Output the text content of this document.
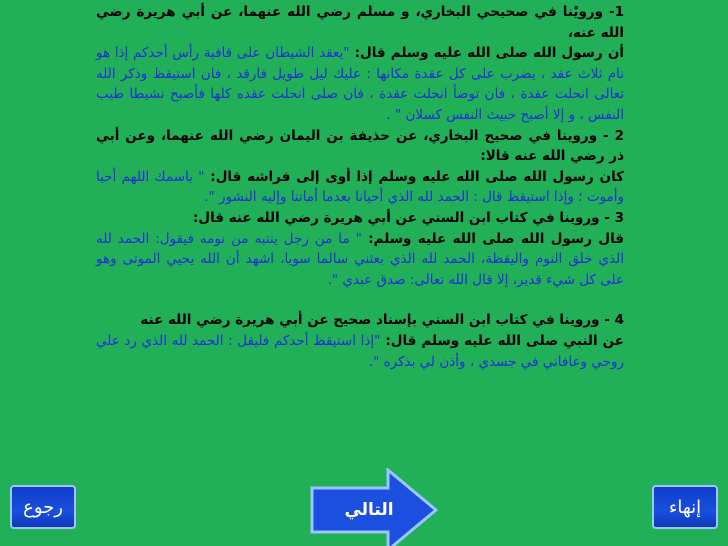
1- ورويْنا في صحيحي البخاري، و مسلم رضي الله عنهما، عن أبي هريرة رضي الله عنه،
أن رسول الله صلى الله عليه وسلم قال: "يعقد الشيطان على قافية رأس أحدكم إذا هو نام ثلاث عقد ، يضرب على كل عقدة مكانها : عليك ليل طويل فارقد ، فان استيقظ وذكر الله تعالى انحلت عقدة ، فان توضأ انحلت عقدة ، فان صلى انحلت عقده كلها فأصبح نشيطا طيب النفس ، و إلا أصبح خبيث النفس كسلان " .

2 - وروينا في صحيح البخاري، عن حذيفة بن اليمان رضي الله عنهما، وعن أبي ذر رضي الله عنه قالا:
كان رسول الله صلى الله عليه وسلم إذا أوى إلى فراشه قال: " باسمك اللهم أحيا وأموت ؛ وإذا استيقظ قال : الحمد لله الذي أحيانا بعدما أماتنا وإليه النشور ".

3 - وروينا في كتاب ابن السني عن أبي هريرة رضي الله عنه قال:
قال رسول الله صلى الله عليه وسلم: " ما من رجل ينتبه من نومه فيقول: الحمد لله الذي خلق النوم واليقظة، الحمد لله الذي بعثني سالما سويا، اشهد أن الله يحيي الموتى وهو على كل شيء قدير، إلا قال الله تعالى: صدق عبدي ".

4 - وروينا في كتاب ابن السني بإسناد صحيح عن أبي هريرة رضي الله عنه
عن النبي صلى الله عليه وسلم قال: "إذا استيقظ أحدكم فليقل : الحمد لله الذي رد علي روحي وعافاني في جسدي ، وأذن لي بذكره ".

إنهاء
التالي
رجوع
